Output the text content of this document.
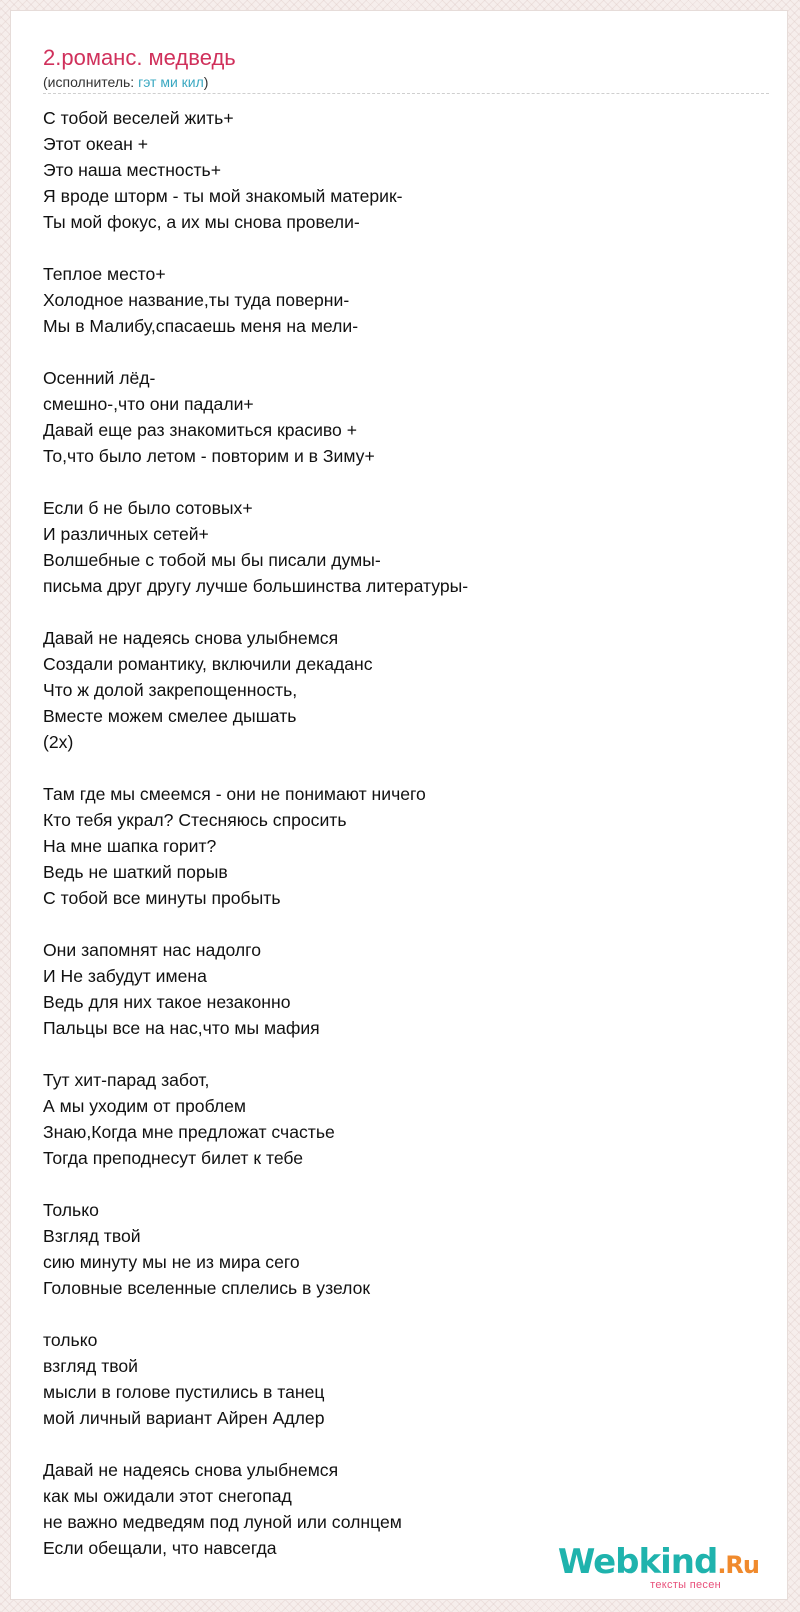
2.романс. медведь
(исполнитель: гэт ми кил)
С тобой веселей жить+
Этот океан +
Это наша местность+
Я вроде шторм - ты мой знакомый материк-
Ты мой фокус, а их мы снова провели-
Теплое место+
Холодное название,ты туда поверни-
Мы в Малибу,спасаешь меня на мели-
Осенний лёд-
смешно-,что они падали+
Давай еще раз знакомиться красиво +
То,что было летом - повторим и в Зиму+
Если б не было сотовых+
И различных сетей+
Волшебные с тобой мы бы писали думы-
письма друг другу лучше большинства литературы-
Давай не надеясь снова улыбнемся
Создали романтику, включили декаданс
Что ж долой закрепощенность,
Вместе можем смелее дышать
(2х)
Там где мы смеемся - они не понимают ничего
Кто тебя украл? Стесняюсь спросить
На мне шапка горит?
Ведь не шаткий порыв
С тобой все минуты пробыть
Они запомнят нас надолго
И Не забудут имена
Ведь для них такое незаконно
Пальцы все на нас,что мы мафия
Тут хит-парад забот,
А мы уходим от проблем
Знаю,Когда мне предложат счастье
Тогда преподнесут билет к тебе
Только
Взгляд твой
сию минуту мы не из мира сего
Головные вселенные сплелись в узелок
только
взгляд твой
мысли в голове пустились в танец
мой личный вариант Айрен Адлер
Давай не надеясь снова улыбнемся
как мы ожидали этот снегопад
не важно медведям под луной или солнцем
Если обещали, что навсегда	Webkind.Ru
тексты песен
